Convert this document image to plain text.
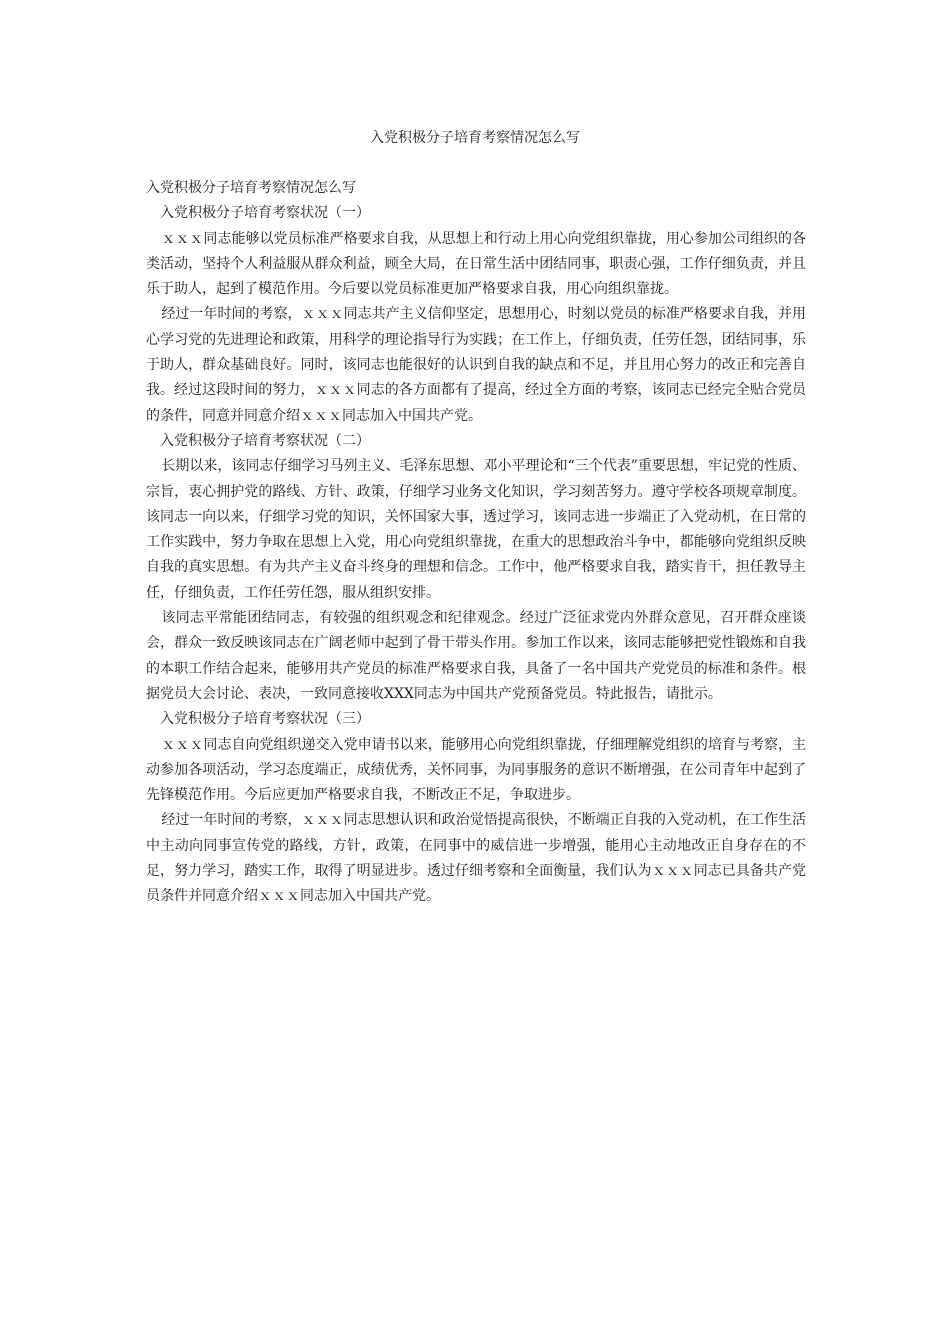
入党积极分子培育考察情况怎么写

入党积极分子培育考察情况怎么写

入党积极分子培育考察状况（一）

ｘｘｘ同志能够以党员标准严格要求自我，从思想上和行动上用心向党组织靠拢，用心参加公司组织的各类活动，坚持个人利益服从群众利益，顾全大局，在日常生活中团结同事，职责心强，工作仔细负责，并且乐于助人，起到了模范作用。今后要以党员标准更加严格要求自我，用心向组织靠拢。

经过一年时间的考察，ｘｘｘ同志共产主义信仰坚定，思想用心，时刻以党员的标准严格要求自我，并用心学习党的先进理论和政策，用科学的理论指导行为实践；在工作上，仔细负责，任劳任怨，团结同事，乐于助人，群众基础良好。同时，该同志也能很好的认识到自我的缺点和不足，并且用心努力的改正和完善自我。经过这段时间的努力，ｘｘｘ同志的各方面都有了提高，经过全方面的考察，该同志已经完全贴合党员的条件，同意并同意介绍ｘｘｘ同志加入中国共产党。

入党积极分子培育考察状况（二）

长期以来，该同志仔细学习马列主义、毛泽东思想、邓小平理论和“三个代表”重要思想，牢记党的性质、宗旨，衷心拥护党的路线、方针、政策，仔细学习业务文化知识，学习刻苦努力。遵守学校各项规章制度。该同志一向以来，仔细学习党的知识，关怀国家大事，透过学习，该同志进一步端正了入党动机，在日常的工作实践中，努力争取在思想上入党，用心向党组织靠拢，在重大的思想政治斗争中，都能够向党组织反映自我的真实思想。有为共产主义奋斗终身的理想和信念。工作中，他严格要求自我，踏实肯干，担任教导主任，仔细负责，工作任劳任怨，服从组织安排。

该同志平常能团结同志，有较强的组织观念和纪律观念。经过广泛征求党内外群众意见，召开群众座谈会，群众一致反映该同志在广阔老师中起到了骨干带头作用。参加工作以来，该同志能够把党性锻炼和自我的本职工作结合起来，能够用共产党员的标准严格要求自我，具备了一名中国共产党党员的标准和条件。根据党员大会讨论、表决，一致同意接收XXX同志为中国共产党预备党员。特此报告，请批示。

入党积极分子培育考察状况（三）

ｘｘｘ同志自向党组织递交入党申请书以来，能够用心向党组织靠拢，仔细理解党组织的培育与考察，主动参加各项活动，学习态度端正，成绩优秀，关怀同事，为同事服务的意识不断增强，在公司青年中起到了先锋模范作用。今后应更加严格要求自我，不断改正不足，争取进步。

经过一年时间的考察，ｘｘｘ同志思想认识和政治觉悟提高很快，不断端正自我的入党动机，在工作生活中主动向同事宣传党的路线，方针，政策，在同事中的威信进一步增强，能用心主动地改正自身存在的不足，努力学习，踏实工作，取得了明显进步。透过仔细考察和全面衡量，我们认为ｘｘｘ同志已具备共产党员条件并同意介绍ｘｘｘ同志加入中国共产党。
